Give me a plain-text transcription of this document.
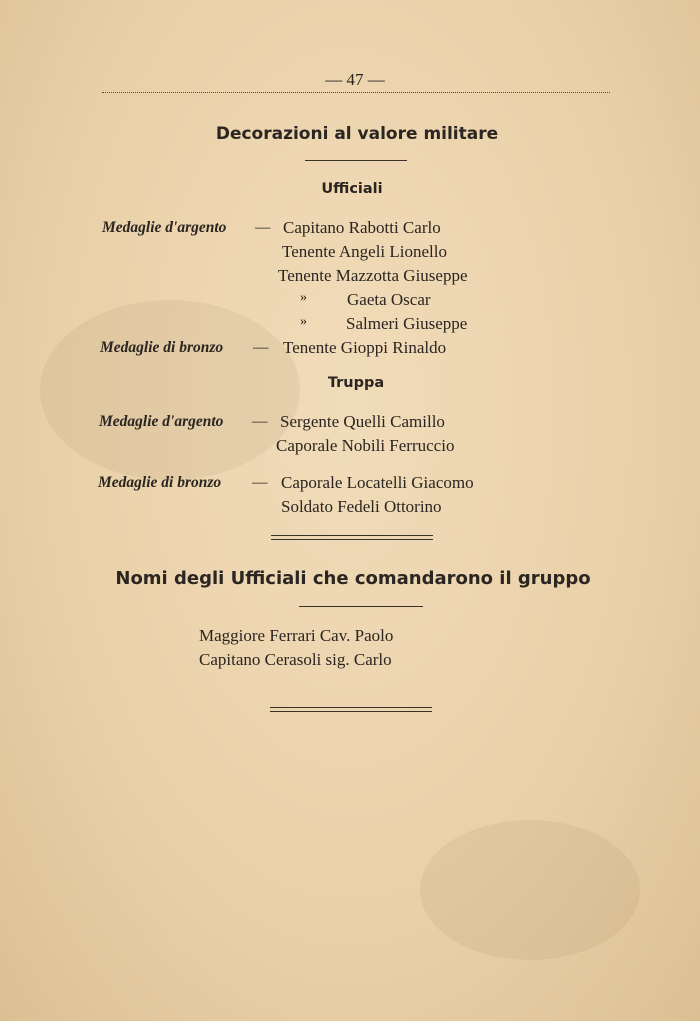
— 47 —
Decorazioni al valore militare
Ufficiali
Medaglie d'argento — Capitano Rabotti Carlo
Tenente Angeli Lionello
Tenente Mazzotta Giuseppe
» Gaeta Oscar
» Salmeri Giuseppe
Medaglie di bronzo — Tenente Gioppi Rinaldo
Truppa
Medaglie d'argento — Sergente Quelli Camillo
Caporale Nobili Ferruccio
Medaglie di bronzo — Caporale Locatelli Giacomo
Soldato Fedeli Ottorino
Nomi degli Ufficiali che comandarono il gruppo
Maggiore Ferrari Cav. Paolo
Capitano Cerasoli sig. Carlo
